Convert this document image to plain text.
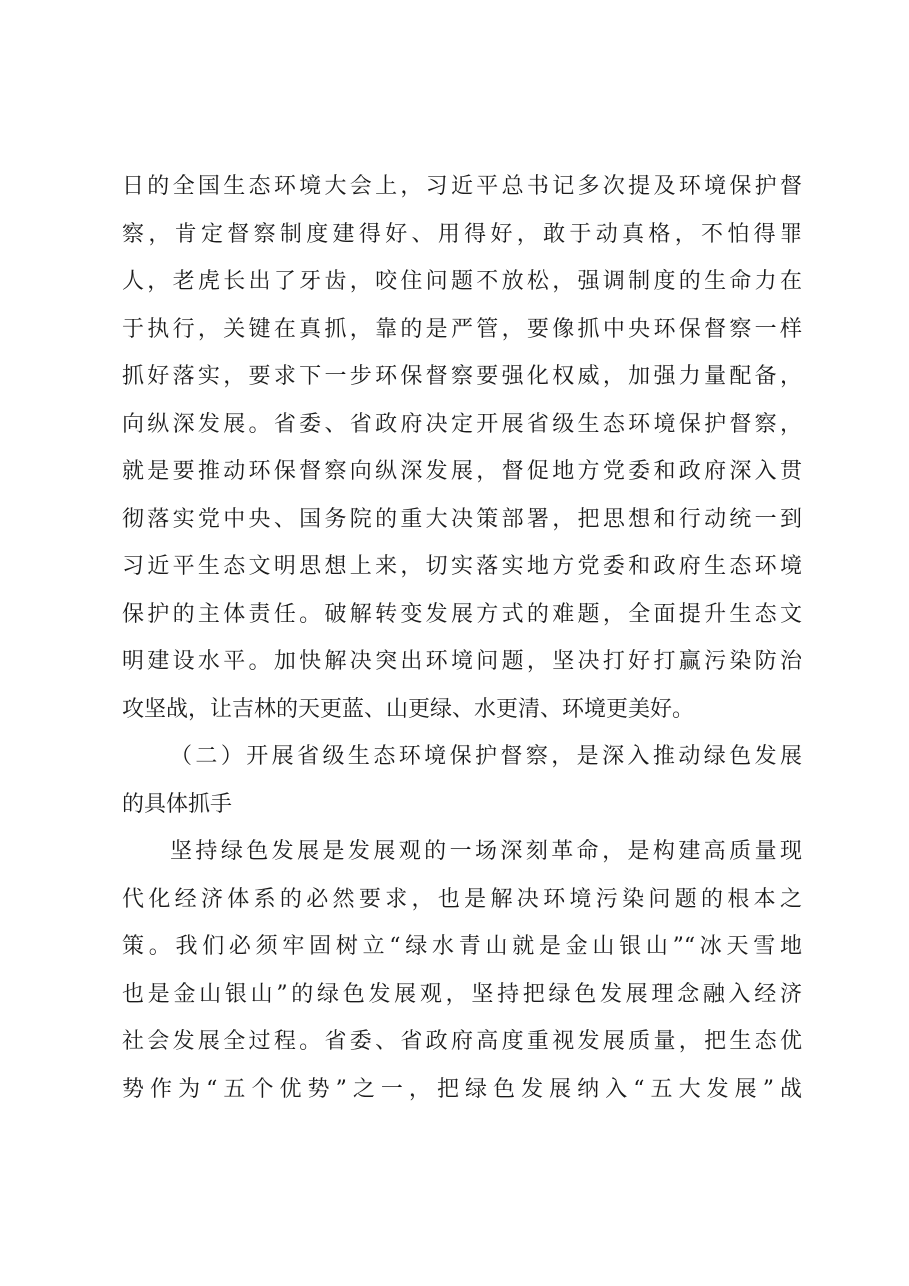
日的全国生态环境大会上，习近平总书记多次提及环境保护督
察，肯定督察制度建得好、用得好，敢于动真格，不怕得罪
人，老虎长出了牙齿，咬住问题不放松，强调制度的生命力在
于执行，关键在真抓，靠的是严管，要像抓中央环保督察一样
抓好落实，要求下一步环保督察要强化权威，加强力量配备，
向纵深发展。省委、省政府决定开展省级生态环境保护督察，
就是要推动环保督察向纵深发展，督促地方党委和政府深入贯
彻落实党中央、国务院的重大决策部署，把思想和行动统一到
习近平生态文明思想上来，切实落实地方党委和政府生态环境
保护的主体责任。破解转变发展方式的难题，全面提升生态文
明建设水平。加快解决突出环境问题，坚决打好打赢污染防治
攻坚战，让吉林的天更蓝、山更绿、水更清、环境更美好。
（二）开展省级生态环境保护督察，是深入推动绿色发展
的具体抓手
坚持绿色发展是发展观的一场深刻革命，是构建高质量现
代化经济体系的必然要求，也是解决环境污染问题的根本之
策。我们必须牢固树立“绿水青山就是金山银山”“冰天雪地
也是金山银山”的绿色发展观，坚持把绿色发展理念融入经济
社会发展全过程。省委、省政府高度重视发展质量，把生态优
势作为“五个优势”之一，把绿色发展纳入“五大发展”战
